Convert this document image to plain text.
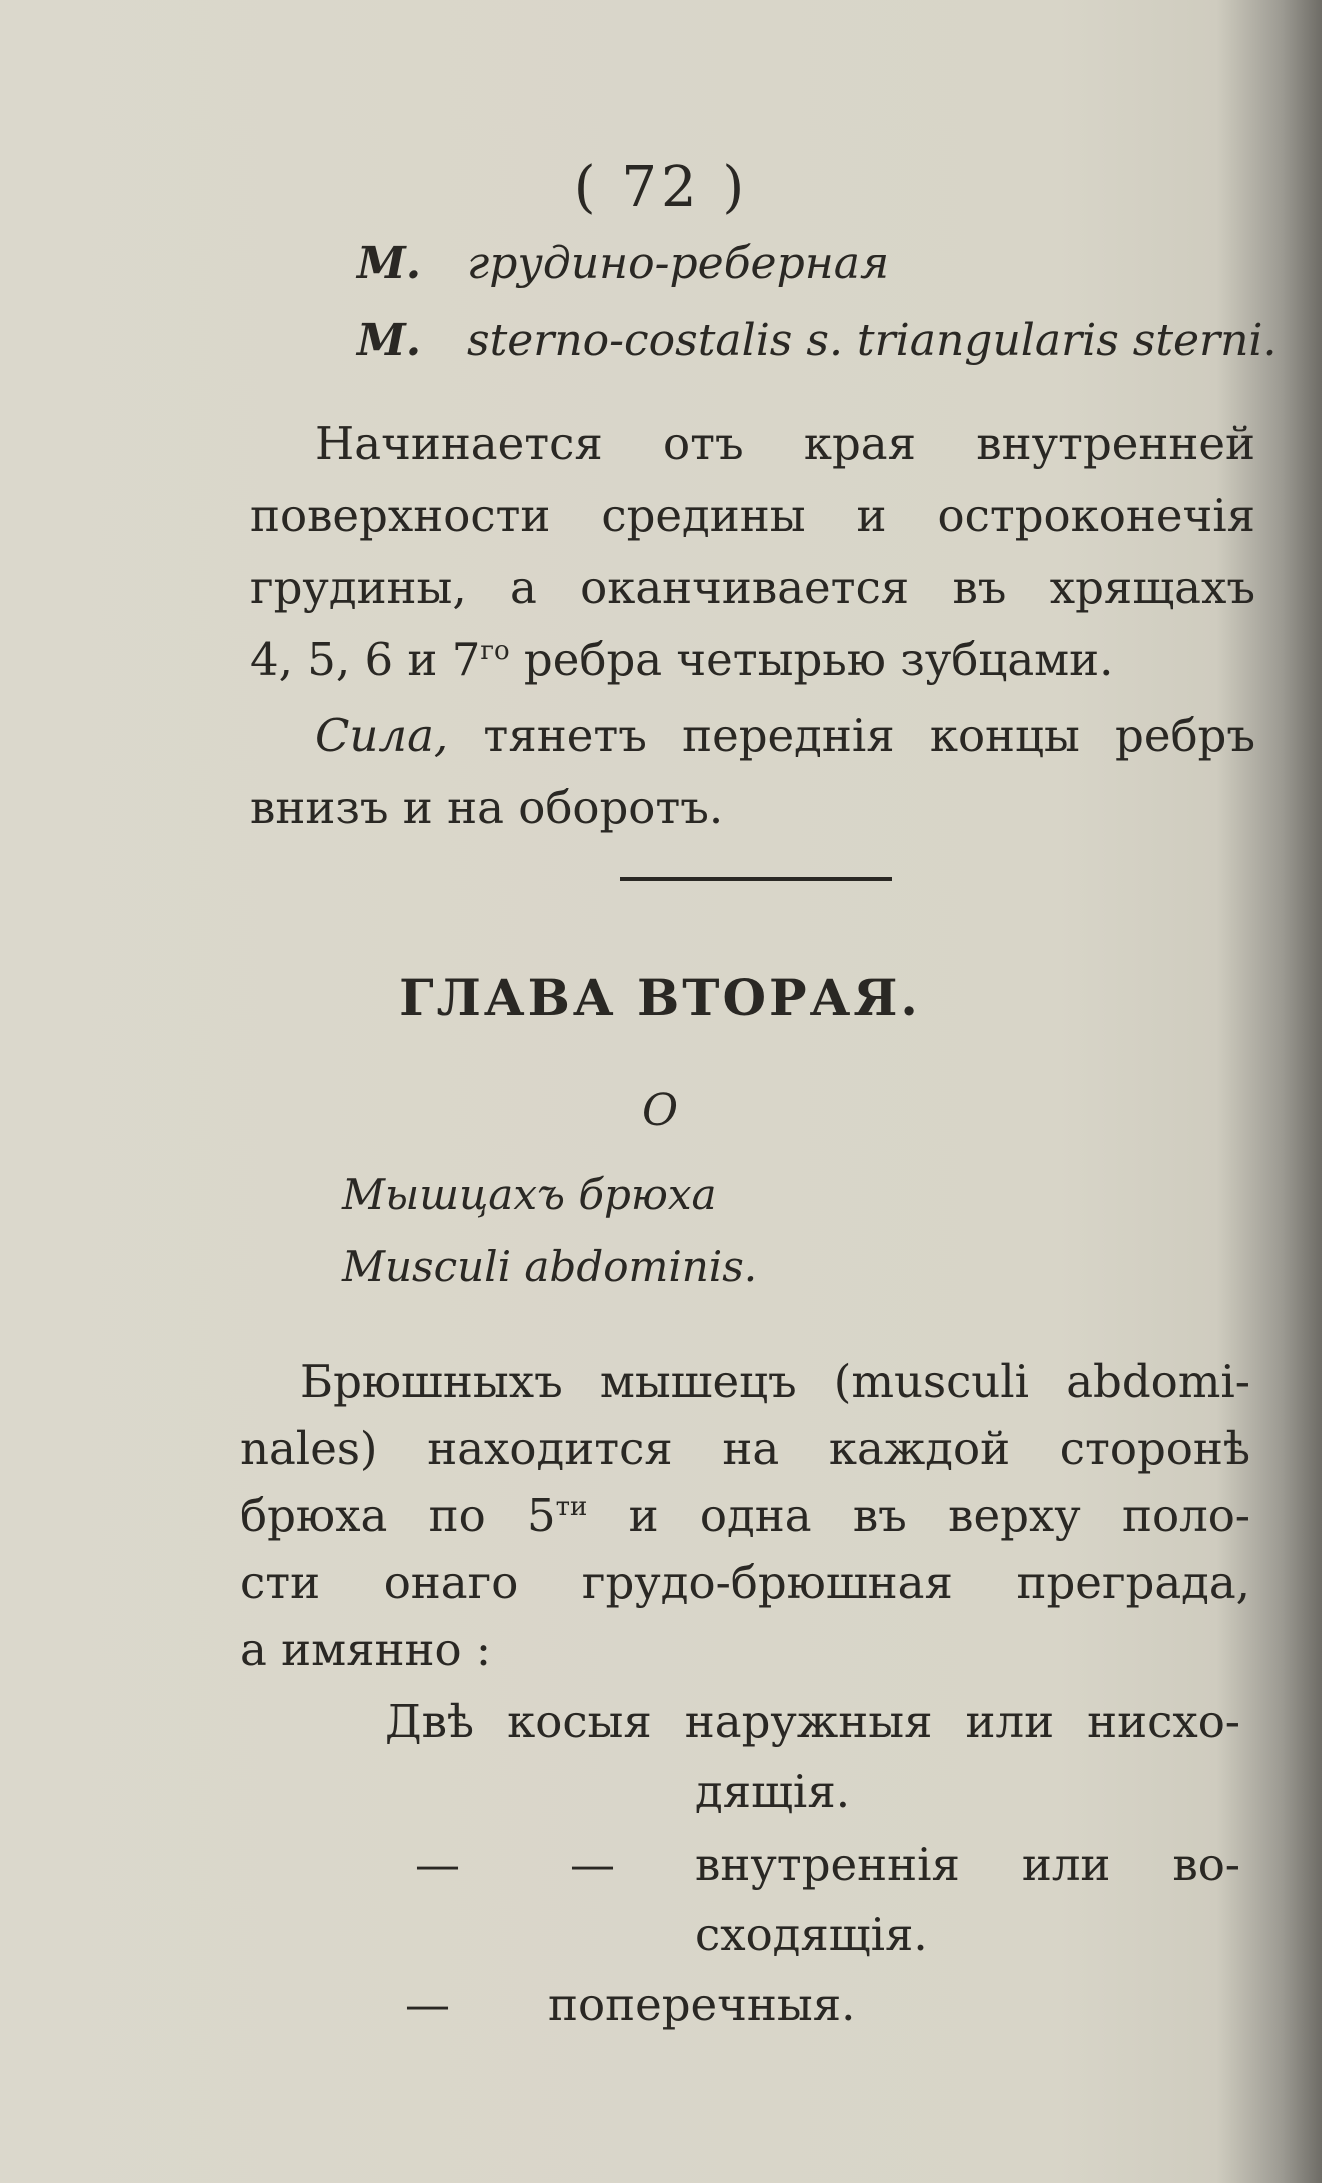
( 72 )
M. грудино-реберная
M. sterno-costalis s. triangularis sterni.
Начинается отъ края внутренней
поверхности средины и остроконечія
грудины, а оканчивается въ хрящахъ
4, 5, 6 и $7^{го}$ ребра четырью зубцами.
Сила, тянетъ переднія концы ребръ
внизъ и на оборотъ.
ГЛАВА ВТОРАЯ.
О
Мышцахъ брюха
Musculi abdominis.
Брюшныхъ мышецъ (musculi abdomi-
nales) находится на каждой сторонѣ
брюха по $5^{ти}$ и одна въ верху поло-
сти онаго грудо-брюшная преграда,
а имянно :
Двѣ косыя наружныя или нисхо-
дящія.
— — внутреннія или во-
сходящія.
— поперечныя.
